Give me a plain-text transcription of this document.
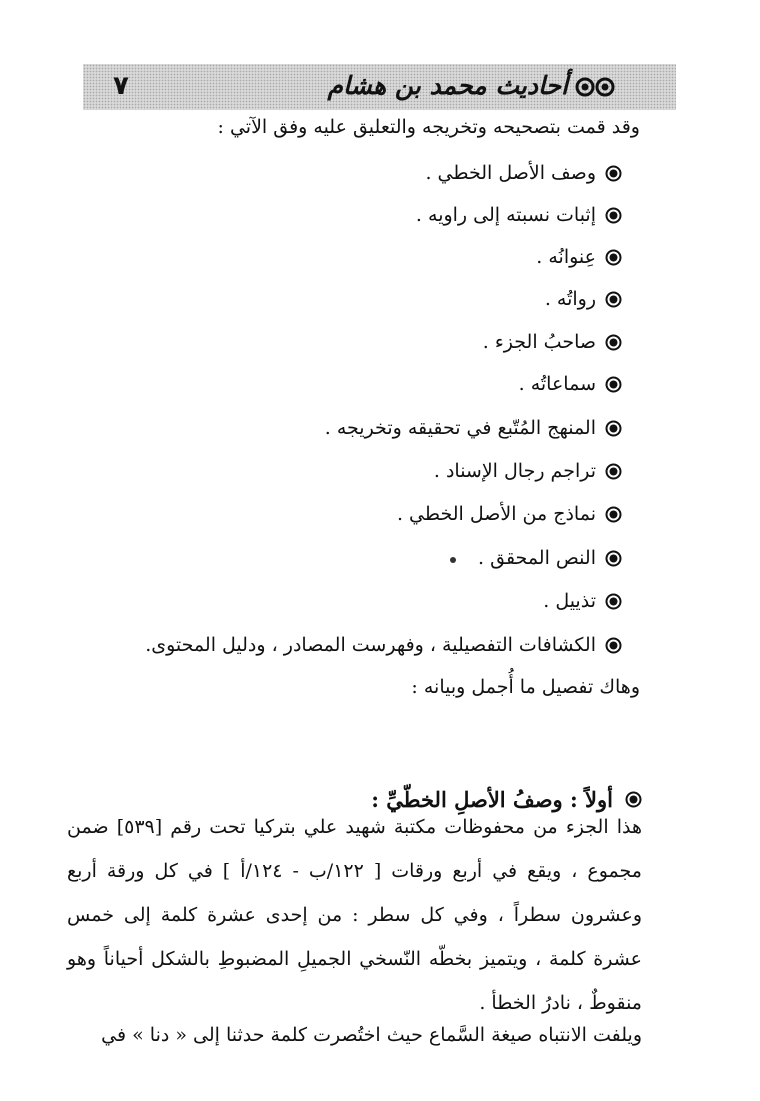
٧	أحاديث محمد بن هشام
وقد قمت بتصحيحه وتخريجه والتعليق عليه وفق الآتي :
وصف الأصل الخطي .
إثبات نسبته إلى راويه .
عِنوانُه .
رواتُه .
صاحبُ الجزء .
سماعاتُه .
المنهج المُتّبع في تحقيقه وتخريجه .
تراجم رجال الإسناد .
نماذج من الأصل الخطي .
النص المحقق .
تذييل .
الكشافات التفصيلية ، وفهرست المصادر ، ودليل المحتوى.
وهاك تفصيل ما أُجمل وبيانه :
أولاً : وصفُ الأصلِ الخطّيِّ :
هذا الجزء من محفوظات مكتبة شهيد علي بتركيا تحت رقم [٥٣٩] ضمن مجموع ، ويقع في أربع ورقات [ ١٢٢/ب - ١٢٤/أ ] في كل ورقة أربع وعشرون سطراً ، وفي كل سطر : من إحدى عشرة كلمة إلى خمس عشرة كلمة ، ويتميز بخطّه النّسخي الجميلِ المضبوطِ بالشكل أحياناً وهو منقوطٌ ، نادرُ الخطأ .
ويلفت الانتباه صيغة السَّماع حيث اختُصرت كلمة حدثنا إلى « دنا » في
